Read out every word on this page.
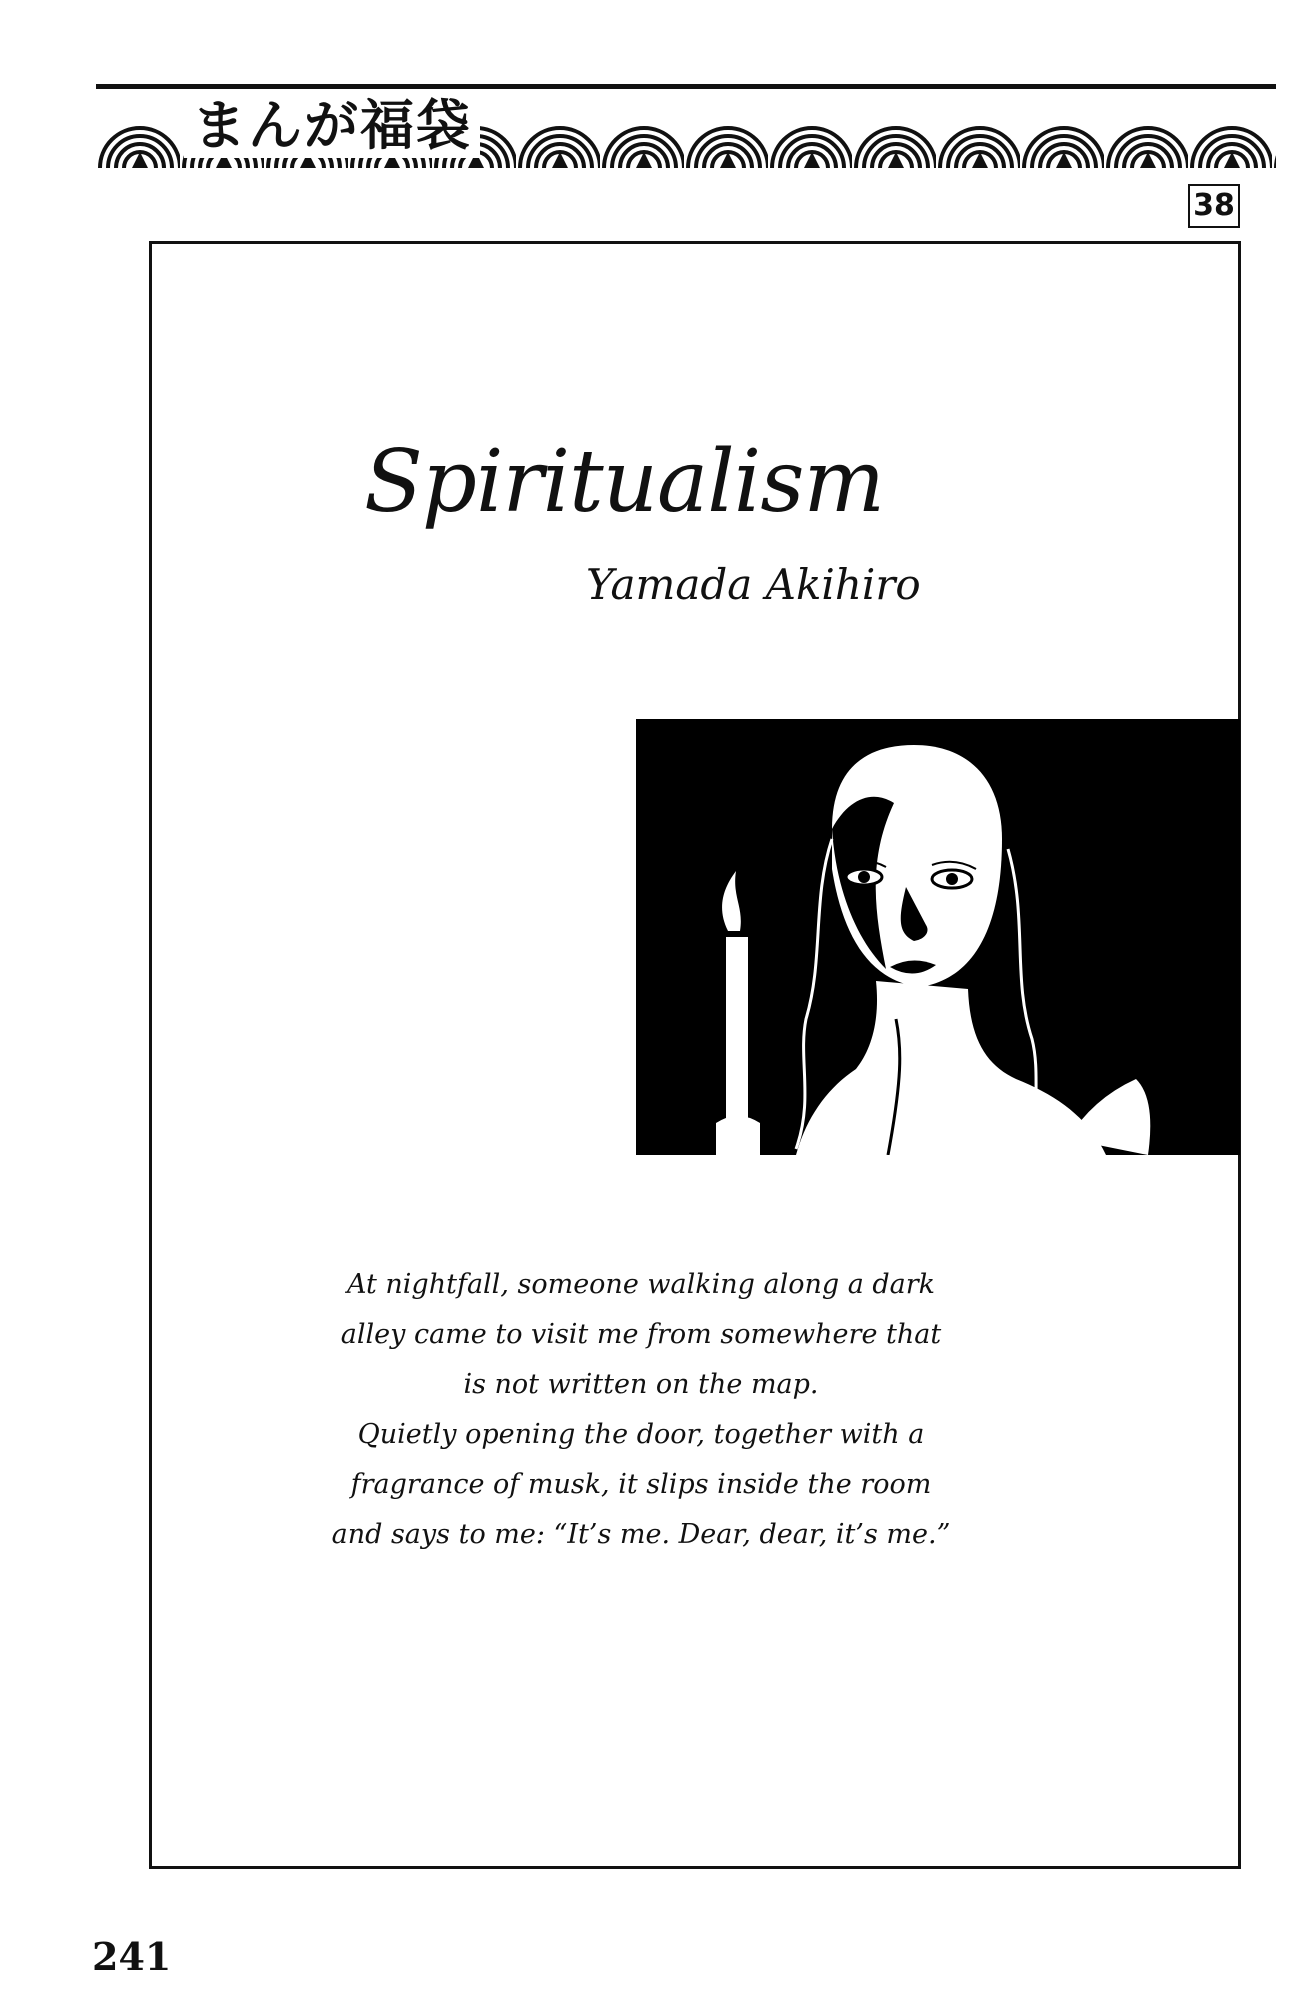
まんが福袋
38
Spiritualism
Yamada Akihiro

At nightfall, someone walking along a dark

alley came to visit me from somewhere that

is not written on the map.

Quietly opening the door, together with a

fragrance of musk, it slips inside the room

and says to me: “It’s me. Dear, dear, it’s me.”

241
